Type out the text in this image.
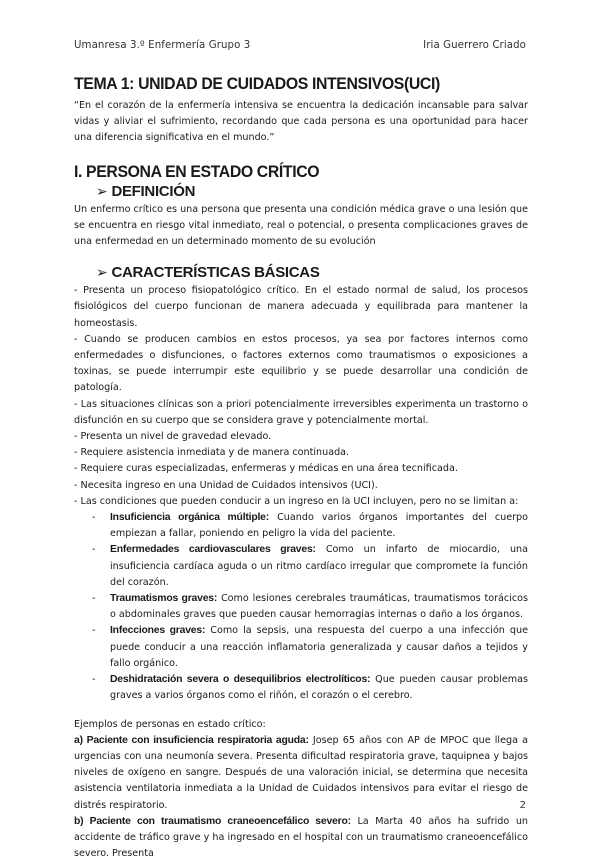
Umanresa 3.º Enfermería Grupo 3	Iria Guerrero Criado
TEMA 1: UNIDAD DE CUIDADOS INTENSIVOS(UCI)

“En el corazón de la enfermería intensiva se encuentra la dedicación incansable para salvar vidas y aliviar el sufrimiento, recordando que cada persona es una oportunidad para hacer una diferencia significativa en el mundo.”

I. PERSONA EN ESTADO CRÍTICO
➢ DEFINICIÓN

Un enfermo crítico es una persona que presenta una condición médica grave o una lesión que se encuentra en riesgo vital inmediato, real o potencial, o presenta complicaciones graves de una enfermedad en un determinado momento de su evolución

➢ CARACTERÍSTICAS BÁSICAS

- Presenta un proceso fisiopatológico crítico. En el estado normal de salud, los procesos fisiológicos del cuerpo funcionan de manera adecuada y equilibrada para mantener la homeostasis.

- Cuando se producen cambios en estos procesos, ya sea por factores internos como enfermedades o disfunciones, o factores externos como traumatismos o exposiciones a toxinas, se puede interrumpir este equilibrio y se puede desarrollar una condición de patología.

- Las situaciones clínicas son a priori potencialmente irreversibles experimenta un trastorno o disfunción en su cuerpo que se considera grave y potencialmente mortal.

- Presenta un nivel de gravedad elevado.

- Requiere asistencia inmediata y de manera continuada.

- Requiere curas especializadas, enfermeras y médicas en una área tecnificada.

- Necesita ingreso en una Unidad de Cuidados intensivos (UCI).

- Las condiciones que pueden conducir a un ingreso en la UCI incluyen, pero no se limitan a:

- Insuficiencia orgánica múltiple: Cuando varios órganos importantes del cuerpo empiezan a fallar, poniendo en peligro la vida del paciente.
- Enfermedades cardiovasculares graves: Como un infarto de miocardio, una insuficiencia cardíaca aguda o un ritmo cardíaco irregular que compromete la función del corazón.
- Traumatismos graves: Como lesiones cerebrales traumáticas, traumatismos torácicos o abdominales graves que pueden causar hemorragias internas o daño a los órganos.
- Infecciones graves: Como la sepsis, una respuesta del cuerpo a una infección que puede conducir a una reacción inflamatoria generalizada y causar daños a tejidos y fallo orgánico.
- Deshidratación severa o desequilibrios electrolíticos: Que pueden causar problemas graves a varios órganos como el riñón, el corazón o el cerebro.

Ejemplos de personas en estado crítico:

a) Paciente con insuficiencia respiratoria aguda: Josep 65 años con AP de MPOC que llega a urgencias con una neumonía severa. Presenta dificultad respiratoria grave, taquipnea y bajos niveles de oxígeno en sangre. Después de una valoración inicial, se determina que necesita asistencia ventilatoria inmediata a la Unidad de Cuidados intensivos para evitar el riesgo de distrés respiratorio.

b) Paciente con traumatismo craneoencefálico severo: La Marta 40 años ha sufrido un accidente de tráfico grave y ha ingresado en el hospital con un traumatismo craneoencefálico severo. Presenta

2
